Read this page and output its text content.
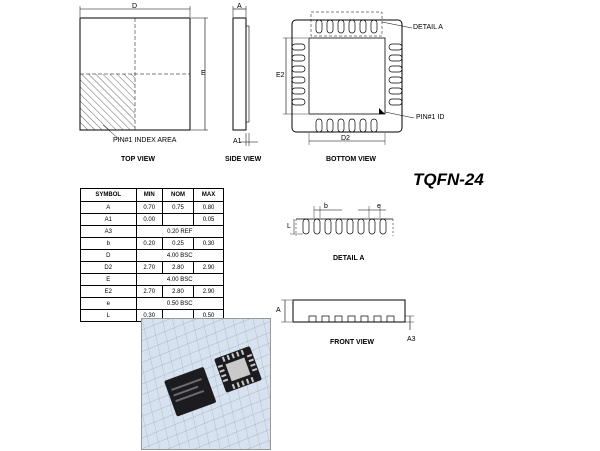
D
E
PIN#1 INDEX AREA
A
A1
DETAIL A
E2
D2
PIN#1 ID
TOP VIEW	SIDE VIEW	BOTTOM VIEW
TQFN-24
b	e
L
DETAIL A
A
A3
FRONT VIEW
SYMBOL	MIN	NOM	MAX
A	0.70	0.75	0.80
A1	0.00		0.05
A3	0.20 REF		
b	0.20	0.25	0.30
D	4.00 BSC		
D2	2.70	2.80	2.90
E	4.00 BSC		
E2	2.70	2.80	2.90
e	0.50 BSC		
L	0.30		0.50
